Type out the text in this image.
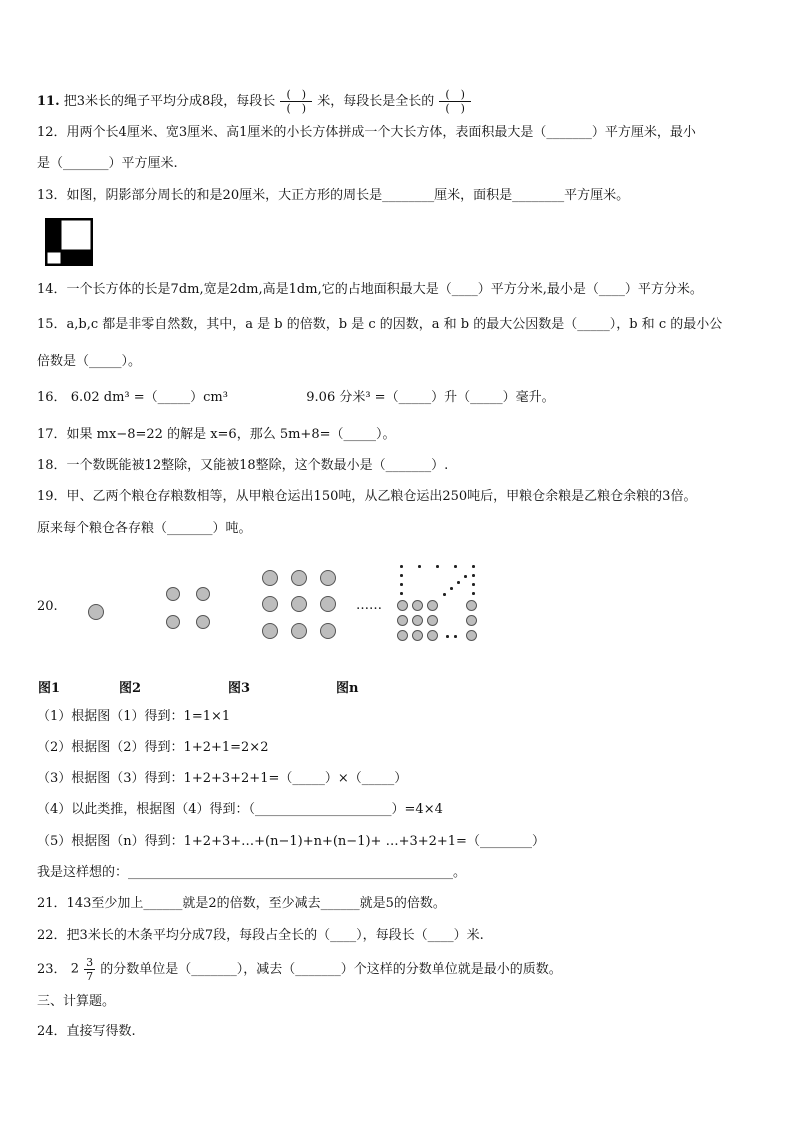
11. 把3米长的绳子平均分成8段，每段长 $\frac{( )}{( )}$ 米，每段长是全长的 $\frac{( )}{( )}$
12．用两个长4厘米、宽3厘米、高1厘米的小长方体拼成一个大长方体，表面积最大是（_______）平方厘米，最小
是（_______）平方厘米.
13．如图，阴影部分周长的和是20厘米，大正方形的周长是________厘米，面积是________平方厘米。
14．一个长方体的长是7dm,宽是2dm,高是1dm,它的占地面积最大是（____）平方分米,最小是（____）平方分米。
15．a,b,c 都是非零自然数，其中，a 是 b 的倍数，b 是 c 的因数，a 和 b 的最大公因数是（_____），b 和 c 的最小公
倍数是（_____）。
16． 6.02 dm³ =（_____）cm³	9.06 分米³ =（_____）升（_____）毫升。
17．如果 mx−8=22 的解是 x=6，那么 5m+8=（_____）。
18．一个数既能被12整除，又能被18整除，这个数最小是（_______）.
19．甲、乙两个粮仓存粮数相等，从甲粮仓运出150吨，从乙粮仓运出250吨后，甲粮仓余粮是乙粮仓余粮的3倍。
原来每个粮仓各存粮（_______）吨。
20.	……
图1	图2	图3	图n
（1）根据图（1）得到：1=1×1
（2）根据图（2）得到：1+2+1=2×2
（3）根据图（3）得到：1+2+3+2+1=（_____）×（_____）
（4）以此类推，根据图（4）得到：（_____________________）=4×4
（5）根据图（n）得到：1+2+3+…+(n−1)+n+(n−1)+ …+3+2+1=（________）
我是这样想的：__________________________________________________。
21．143至少加上______就是2的倍数，至少减去______就是5的倍数。
22．把3米长的木条平均分成7段，每段占全长的（____），每段长（____）米.
23． $2 \frac{3}{7}$ 的分数单位是（_______），减去（_______）个这样的分数单位就是最小的质数。
三、计算题。
24．直接写得数.
